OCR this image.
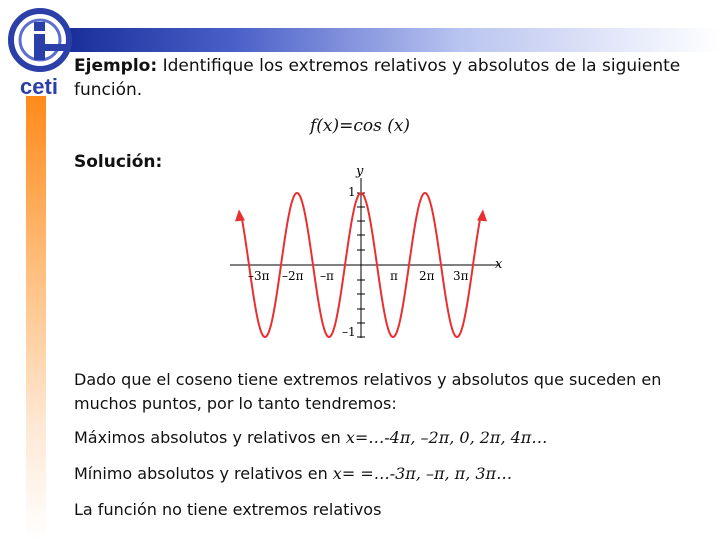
ceti
Ejemplo: Identifique los extremos relativos y absolutos de la siguiente función.
f(x)=cos (x)
Solución:	y
x
1
–1
–3π –2π –π	π 2π 3π
Dado que el coseno tiene extremos relativos y absolutos que suceden en muchos puntos, por lo tanto tendremos:
Máximos absolutos y relativos en x=…-4π, –2π, 0, 2π, 4π…
Mínimo absolutos y relativos en x= =…-3π, –π, π, 3π…
La función no tiene extremos relativos
